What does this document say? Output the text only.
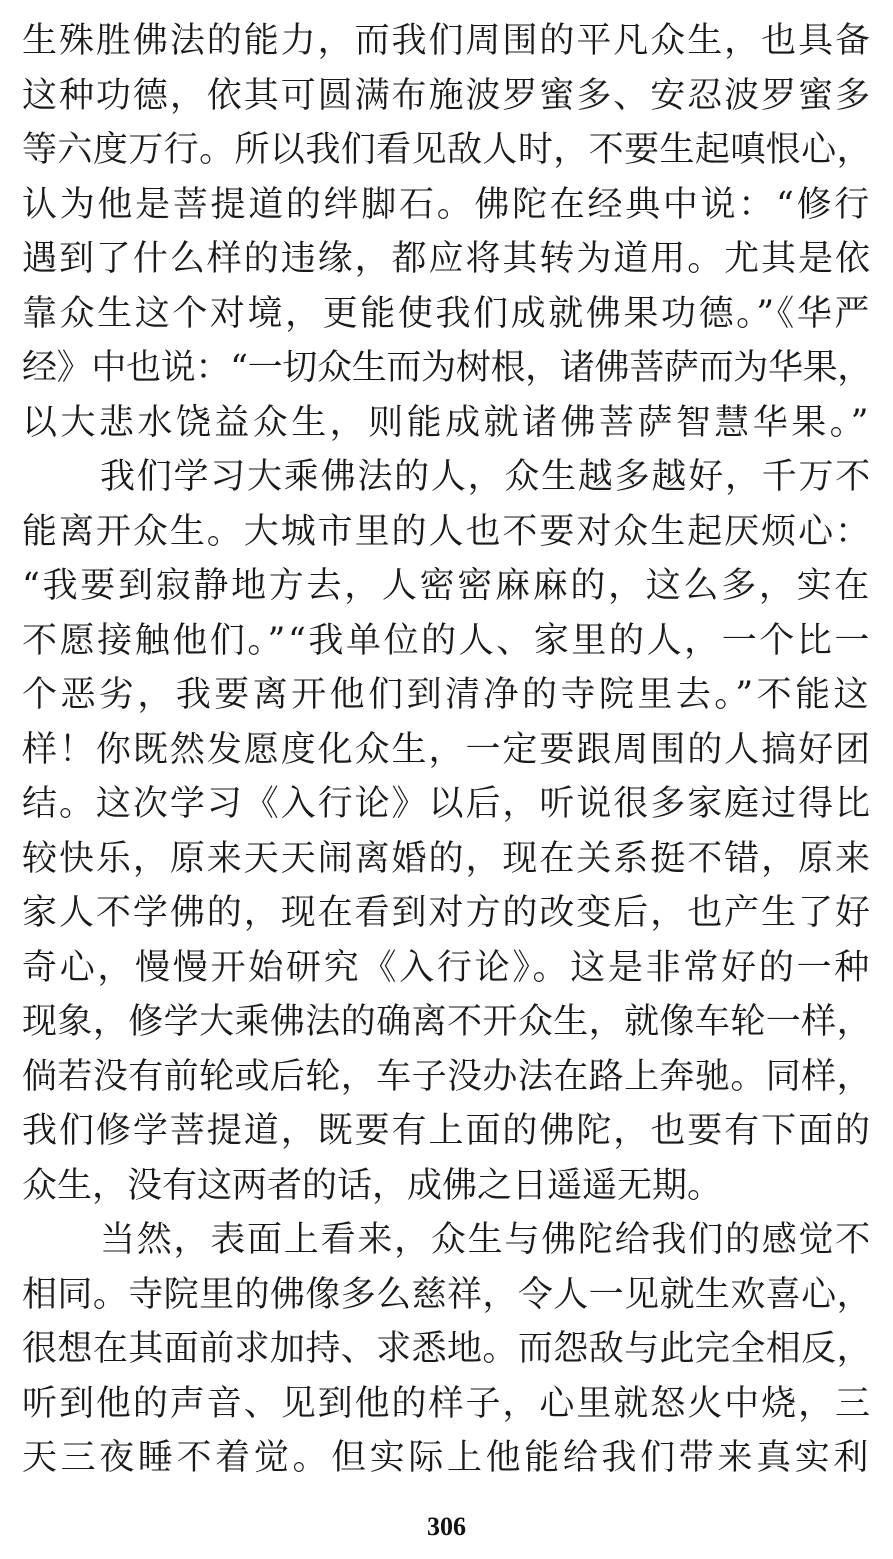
生殊胜佛法的能力，而我们周围的平凡众生，也具备
这种功德，依其可圆满布施波罗蜜多、安忍波罗蜜多
等六度万行。所以我们看见敌人时，不要生起嗔恨心，
认为他是菩提道的绊脚石。佛陀在经典中说：“修行
遇到了什么样的违缘，都应将其转为道用。尤其是依
靠众生这个对境，更能使我们成就佛果功德。”《华严
经》中也说：“一切众生而为树根，诸佛菩萨而为华果，
以大悲水饶益众生，则能成就诸佛菩萨智慧华果。”
我们学习大乘佛法的人，众生越多越好，千万不
能离开众生。大城市里的人也不要对众生起厌烦心：
“我要到寂静地方去，人密密麻麻的，这么多，实在
不愿接触他们。”“我单位的人、家里的人，一个比一
个恶劣，我要离开他们到清净的寺院里去。”不能这
样！你既然发愿度化众生，一定要跟周围的人搞好团
结。这次学习《入行论》以后，听说很多家庭过得比
较快乐，原来天天闹离婚的，现在关系挺不错，原来
家人不学佛的，现在看到对方的改变后，也产生了好
奇心，慢慢开始研究《入行论》。这是非常好的一种
现象，修学大乘佛法的确离不开众生，就像车轮一样，
倘若没有前轮或后轮，车子没办法在路上奔驰。同样，
我们修学菩提道，既要有上面的佛陀，也要有下面的
众生，没有这两者的话，成佛之日遥遥无期。
当然，表面上看来，众生与佛陀给我们的感觉不
相同。寺院里的佛像多么慈祥，令人一见就生欢喜心，
很想在其面前求加持、求悉地。而怨敌与此完全相反，
听到他的声音、见到他的样子，心里就怒火中烧，三
天三夜睡不着觉。但实际上他能给我们带来真实利
306
